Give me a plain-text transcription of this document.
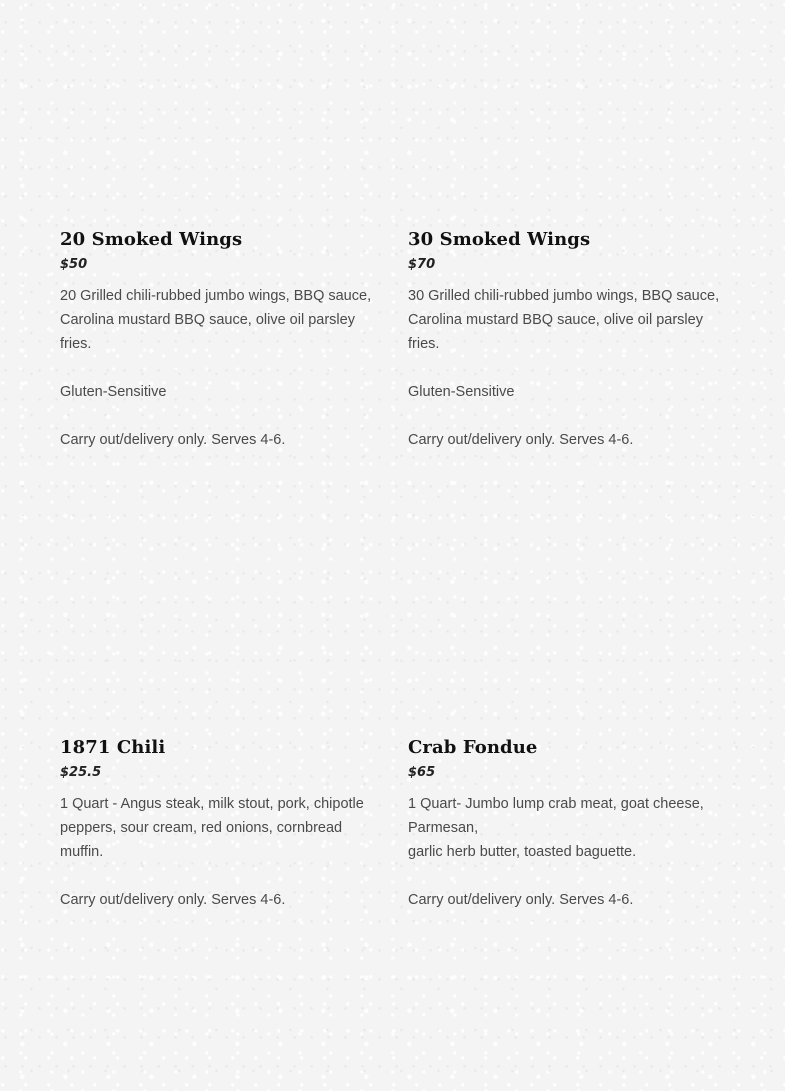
20 Smoked Wings
$50

20 Grilled chili-rubbed jumbo wings, BBQ sauce, Carolina mustard BBQ sauce, olive oil parsley fries.

Gluten-Sensitive

Carry out/delivery only. Serves 4-6.

30 Smoked Wings
$70

30 Grilled chili-rubbed jumbo wings, BBQ sauce, Carolina mustard BBQ sauce, olive oil parsley fries.

Gluten-Sensitive

Carry out/delivery only. Serves 4-6.

1871 Chili
$25.5

1 Quart - Angus steak, milk stout, pork, chipotle peppers, sour cream, red onions, cornbread muffin.

Carry out/delivery only. Serves 4-6.

Crab Fondue
$65

1 Quart- Jumbo lump crab meat, goat cheese, Parmesan,

garlic herb butter, toasted baguette.

Carry out/delivery only. Serves 4-6.
